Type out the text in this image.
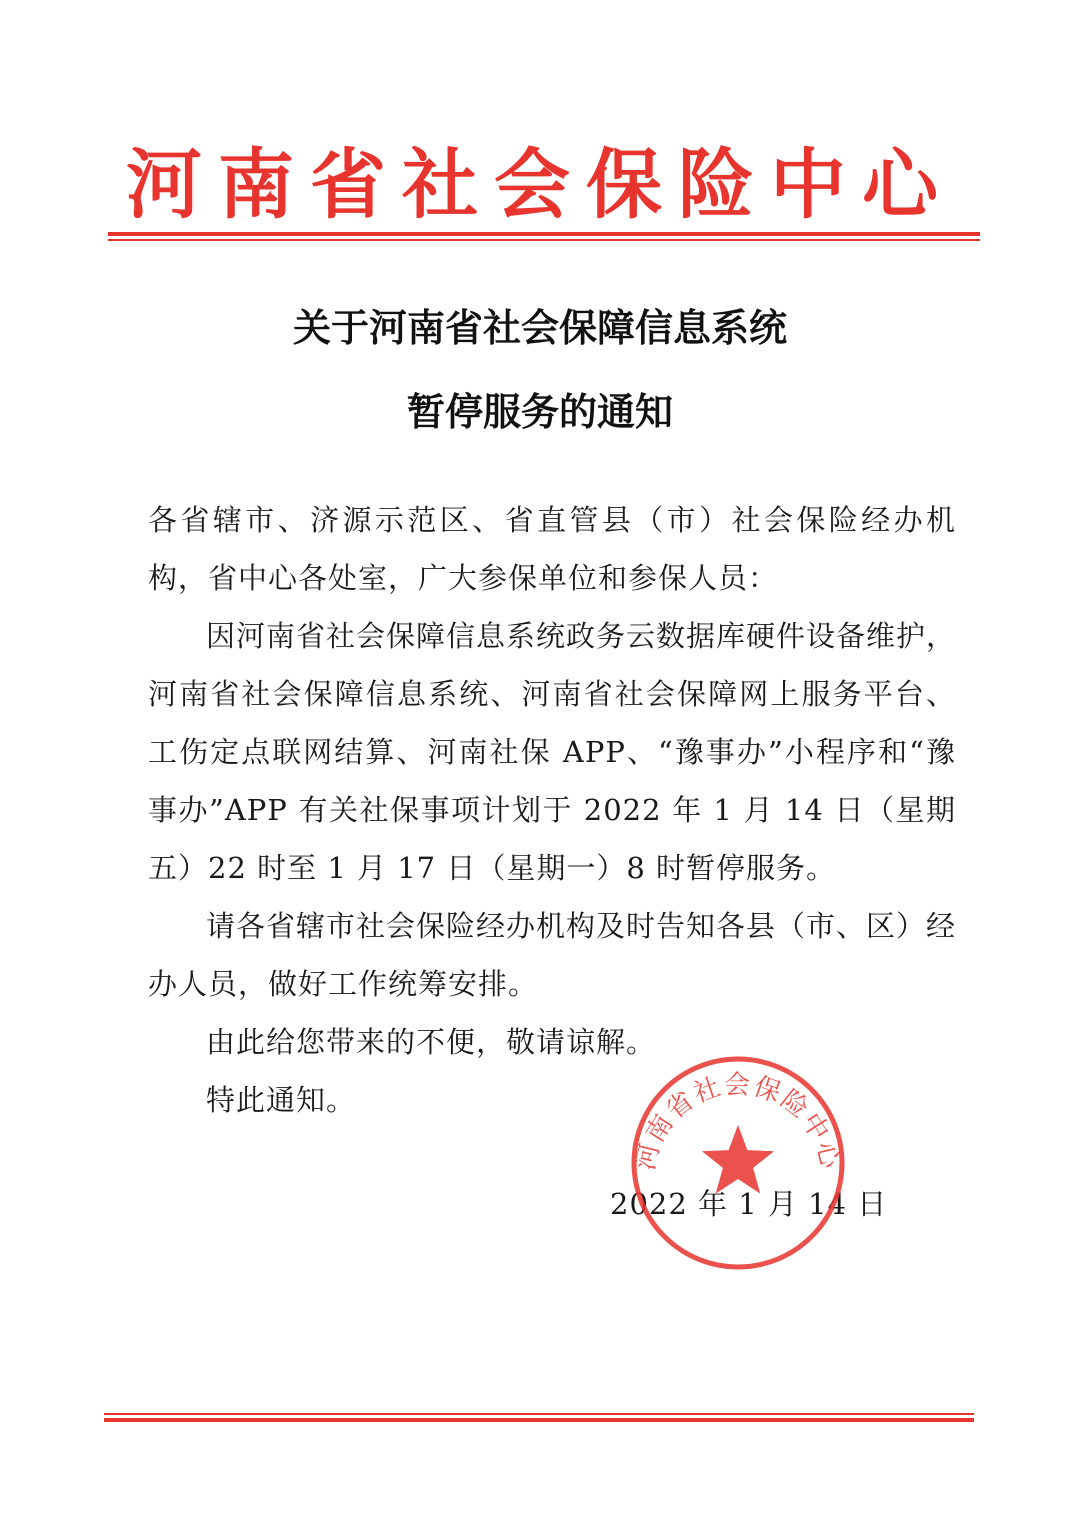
河南省社会保险中心
关于河南省社会保障信息系统
暂停服务的通知
各省辖市、济源示范区、省直管县（市）社会保险经办机构，省中心各处室，广大参保单位和参保人员：
因河南省社会保障信息系统政务云数据库硬件设备维护，河南省社会保障信息系统、河南省社会保障网上服务平台、工伤定点联网结算、河南社保 APP、“豫事办”小程序和“豫事办”APP 有关社保事项计划于 2022 年 1 月 14 日（星期五）22 时至 1 月 17 日（星期一）8 时暂停服务。
请各省辖市社会保险经办机构及时告知各县（市、区）经办人员，做好工作统筹安排。
由此给您带来的不便，敬请谅解。
特此通知。
2022 年 1 月 14 日
河南省社会保险中心
